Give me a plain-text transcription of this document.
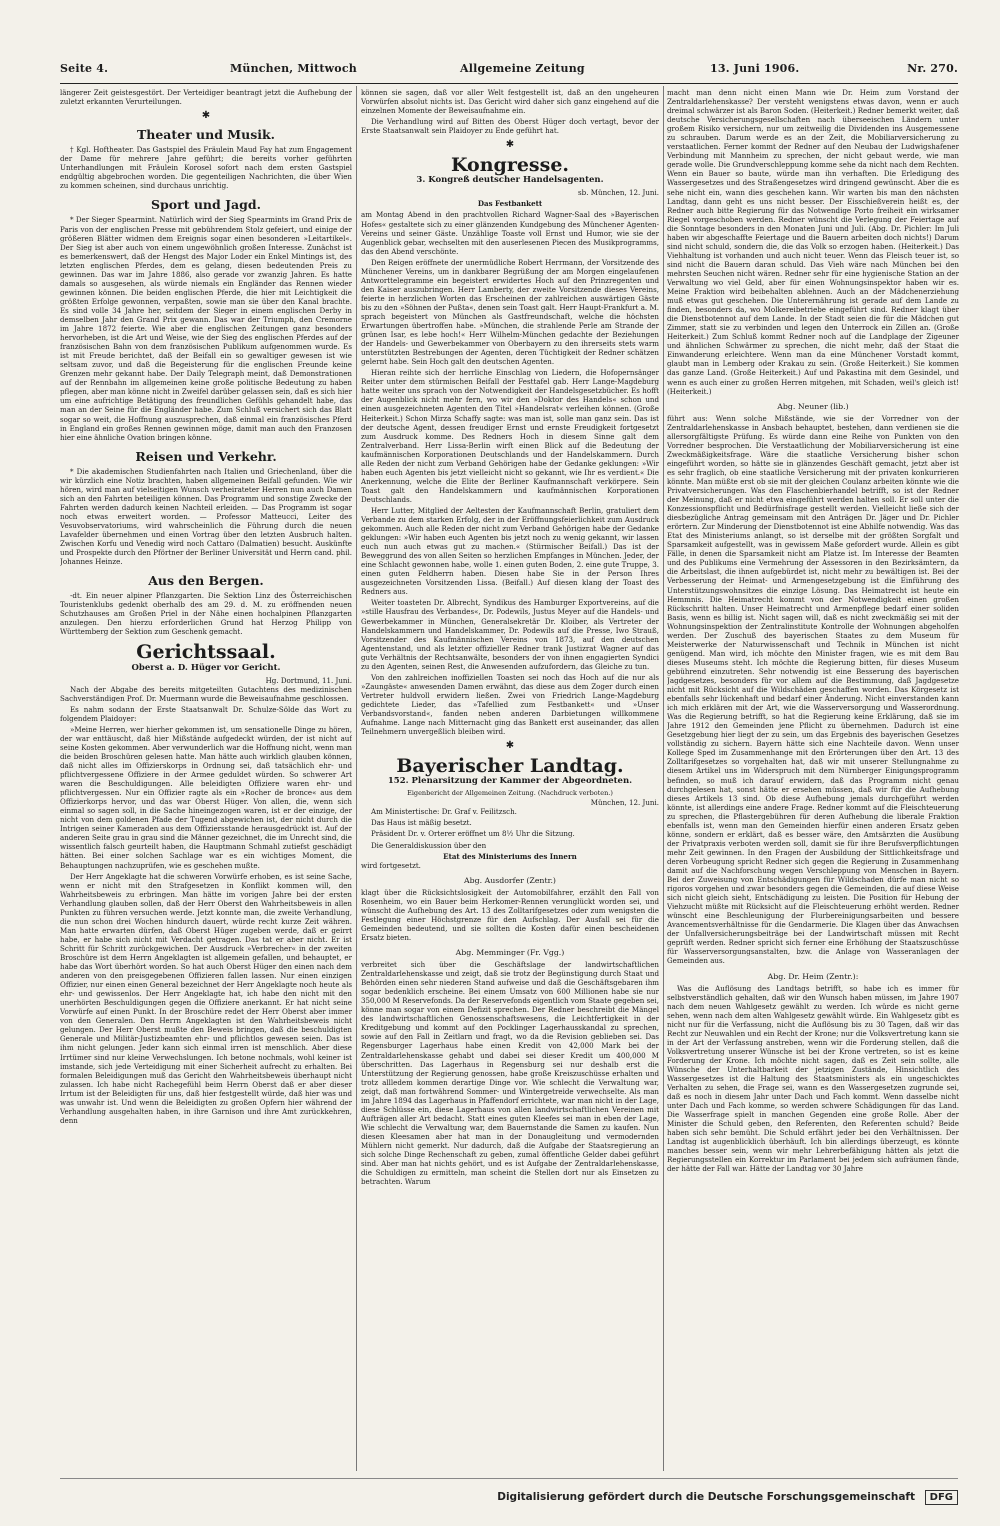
Seite 4.	München, Mittwoch	Allgemeine Zeitung	13. Juni 1906.	Nr. 270.

längerer Zeit geistesgestört. Der Verteidiger beantragt jetzt die Aufhebung der zuletzt erkannten Verurteilungen.

✱
Theater und Musik.

† Kgl. Hoftheater. Das Gastspiel des Fräulein Maud Fay hat zum Engagement der Dame für mehrere Jahre geführt; die bereits vorher geführten Unterhandlungen mit Fräulein Korosel sofort nach dem ersten Gastspiel endgültig abgebrochen worden. Die gegenteiligen Nachrichten, die über Wien zu kommen scheinen, sind durchaus unrichtig.

Sport und Jagd.

* Der Sieger Spearmint. Natürlich wird der Sieg Spearmints im Grand Prix de Paris von der englischen Presse mit gebührendem Stolz gefeiert, und einige der größeren Blätter widmen dem Ereignis sogar einen besonderen »Leitartikel«. Der Sieg ist aber auch von einem ungewöhnlich großen Interesse. Zunächst ist es bemerkenswert, daß der Hengst des Major Loder ein Enkel Mintings ist, des letzten englischen Pferdes, dem es gelang, diesen bedeutenden Preis zu gewinnen. Das war im Jahre 1886, also gerade vor zwanzig Jahren. Es hatte damals so ausgesehen, als würde niemals ein Engländer das Rennen wieder gewinnen können. Die beiden englischen Pferde, die hier mit Leichtigkeit die größten Erfolge gewonnen, verpaßten, sowie man sie über den Kanal brachte. Es sind volle 34 Jahre her, seitdem der Sieger in einem englischen Derby in demselben Jahr den Grand Prix gewann. Das war der Triumph, den Cremorne im Jahre 1872 feierte. Wie aber die englischen Zeitungen ganz besonders hervorheben, ist die Art und Weise, wie der Sieg des englischen Pferdes auf der französischen Bahn von dem französischen Publikum aufgenommen wurde. Es ist mit Freude berichtet, daß der Beifall ein so gewaltiger gewesen ist wie seltsam zuvor, und daß die Begeisterung für die englischen Freunde keine Grenzen mehr gekannt habe. Der Daily Telegraph meint, daß Demonstrationen auf der Rennbahn im allgemeinen keine große politische Bedeutung zu haben pflegen, aber man könne nicht in Zweifel darüber gelassen sein, daß es sich hier um eine aufrichtige Betätigung des freundlichen Gefühls gehandelt habe, das man an der Seine für die Engländer habe. Zum Schluß versichert sich das Blatt sogar so weit, die Hoffnung auszusprechen, daß einmal ein französisches Pferd in England ein großes Rennen gewinnen möge, damit man auch den Franzosen hier eine ähnliche Ovation bringen könne.

Reisen und Verkehr.

* Die akademischen Studienfahrten nach Italien und Griechenland, über die wir kürzlich eine Notiz brachten, haben allgemeinen Beifall gefunden. Wie wir hören, wird man auf vielseitigen Wunsch verheirateter Herren nun auch Damen sich an den Fahrten beteiligen können. Das Programm und sonstige Zwecke der Fahrten werden dadurch keinen Nachteil erleiden. — Das Programm ist sogar noch etwas erweitert worden. — Professor Matteucci, Leiter des Vesuvobservatoriums, wird wahrscheinlich die Führung durch die neuen Lavafelder übernehmen und einen Vortrag über den letzten Ausbruch halten. Zwischen Korfu und Venedig wird noch Cattaro (Dalmatien) besucht. Auskünfte und Prospekte durch den Pförtner der Berliner Universität und Herrn cand. phil. Johannes Heinze.

Aus den Bergen.

-dt. Ein neuer alpiner Pflanzgarten. Die Sektion Linz des Österreichischen Touristenklubs gedenkt oberhalb des am 29. d. M. zu eröffnenden neuen Schutzhauses am Großen Priel in der Nähe einen hochalpinen Pflanzgarten anzulegen. Den hierzu erforderlichen Grund hat Herzog Philipp von Württemberg der Sektion zum Geschenk gemacht.

Gerichtssaal.
Oberst a. D. Hüger vor Gericht.
Hg. Dortmund, 11. Juni.

Nach der Abgabe des bereits mitgeteilten Gutachtens des medizinischen Sachverständigen Prof. Dr. Muermann wurde die Beweisaufnahme geschlossen.

Es nahm sodann der Erste Staatsanwalt Dr. Schulze-Sölde das Wort zu folgendem Plaidoyer:

»Meine Herren, wer hierher gekommen ist, um sensationelle Dinge zu hören, der war enttäuscht, daß hier Mißstände aufgedeckt würden, der ist nicht auf seine Kosten gekommen. Aber verwunderlich war die Hoffnung nicht, wenn man die beiden Broschüren gelesen hatte. Man hätte auch wirklich glauben können, daß nicht alles im Offizierskorps in Ordnung sei, daß tatsächlich ehr- und pflichtvergessene Offiziere in der Armee geduldet würden. So schwerer Art waren die Beschuldigungen. Alle beleidigten Offiziere waren ehr- und pflichtvergessen. Nur ein Offizier ragte als ein »Rocher de bronce« aus dem Offizierkorps hervor, und das war Oberst Hüger. Von allen, die, wenn sich einmal so sagen soll, in die Sache hineingezogen waren, ist er der einzige, der nicht von dem goldenen Pfade der Tugend abgewichen ist, der nicht durch die Intrigen seiner Kameraden aus dem Offiziersstande herausgedrückt ist. Auf der anderen Seite grau in grau sind die Männer gezeichnet, die im Unrecht sind, die wissentlich falsch geurteilt haben, die Hauptmann Schmahl zutiefst geschädigt hätten. Bei einer solchen Sachlage war es ein wichtiges Moment, die Behauptungen nachzuprüfen, wie es geschehen mußte.

Der Herr Angeklagte hat die schweren Vorwürfe erhoben, es ist seine Sache, wenn er nicht mit den Strafgesetzen in Konflikt kommen will, den Wahrheitsbeweis zu erbringen. Man hätte im vorigen Jahre bei der ersten Verhandlung glauben sollen, daß der Herr Oberst den Wahrheitsbeweis in allen Punkten zu führen versuchen werde. Jetzt konnte man, die zweite Verhandlung, die nun schon drei Wochen hindurch dauert, würde recht kurze Zeit währen. Man hatte erwarten dürfen, daß Oberst Hüger zugeben werde, daß er geirrt habe, er habe sich nicht mit Verdacht getragen. Das tat er aber nicht. Er ist Schritt für Schritt zurückgewichen. Der Ausdruck »Verbrecher« in der zweiten Broschüre ist dem Herrn Angeklagten ist allgemein gefallen, und behauptet, er habe das Wort überhört worden. So hat auch Oberst Hüger den einen nach dem anderen von den preisgegebenen Offizieren fallen lassen. Nur einen einzigen Offizier, nur einen einen General bezeichnet der Herr Angeklagte noch heute als ehr- und gewissenlos. Der Herr Angeklagte hat, ich habe den nicht mit den unerhörten Beschuldigungen gegen die Offiziere anerkannt. Er hat nicht seine Vorwürfe auf einen Punkt. In der Broschüre redet der Herr Oberst aber immer von den Generalen. Den Herrn Angeklagten ist den Wahrheitsbeweis nicht gelungen. Der Herr Oberst mußte den Beweis bringen, daß die beschuldigten Generale und Militär-Justizbeamten ehr- und pflichtlos gewesen seien. Das ist ihm nicht gelungen. Jeder kann sich einmal irren ist menschlich. Aber diese Irrtümer sind nur kleine Verwechslungen. Ich betone nochmals, wohl keiner ist imstande, sich jede Verteidigung mit einer Sicherheit aufrecht zu erhalten. Bei formalen Beleidigungen muß das Gericht den Wahrheitsbeweis überhaupt nicht zulassen. Ich habe nicht Rachegefühl beim Herrn Oberst daß er aber dieser Irrtum ist der Beleidigten für uns, daß hier festgestellt würde, daß hier was und was unwahr ist. Und wenn die Beleidigten zu großen Opfern hier während der Verhandlung ausgehalten haben, in ihre Garnison und ihre Amt zurückkehren, denn

können sie sagen, daß vor aller Welt festgestellt ist, daß an den ungeheuren Vorwürfen absolut nichts ist. Das Gericht wird daher sich ganz eingehend auf die einzelnen Momente der Beweisaufnahme ein.

Die Verhandlung wird auf Bitten des Oberst Hüger doch vertagt, bevor der Erste Staatsanwalt sein Plaidoyer zu Ende geführt hat.

✱
Kongresse.
3. Kongreß deutscher Handelsagenten.
sb. München, 12. Juni.
Das Festbankett

am Montag Abend in den prachtvollen Richard Wagner-Saal des »Bayerischen Hofes« gestaltete sich zu einer glänzenden Kundgebung des Münchener Agenten-Vereins und seiner Gäste. Unzählige Toaste voll Ernst und Humor, wie sie der Augenblick gebar, wechselten mit den auserlesenen Piecen des Musikprogramms, das den Abend verschönte.

Den Reigen eröffnete der unermüdliche Robert Herrmann, der Vorsitzende des Münchener Vereins, um in dankbarer Begrüßung der am Morgen eingelaufenen Antworttelegramme ein begeistert erwidertes Hoch auf den Prinzregenten und den Kaiser auszubringen. Herr Lamberty, der zweite Vorsitzende dieses Vereins, feierte in herzlichen Worten das Erscheinen der zahlreichen auswärtigen Gäste bis zu den »Söhnen der Pußta«, denen sein Toast galt. Herr Haupt-Frankfurt a. M. sprach begeistert von München als Gastfreundschaft, welche die höchsten Erwartungen übertroffen habe. »München, die strahlende Perle am Strande der grünen Isar, es lebe hoch!« Herr Wilhelm-München gedachte der Beziehungen der Handels- und Gewerbekammer von Oberbayern zu den ihrerseits stets warm unterstützten Bestrebungen der Agenten, deren Tüchtigkeit der Redner schätzen gelernt habe. Sein Hoch galt den deutschen Agenten.

Hieran reihte sich der herrliche Einschlag von Liedern, die Hofopernsänger Reiter unter dem stürmischen Beifall der Festtafel gab. Herr Lange-Magdeburg hatte weiter uns sprach von der Notwendigkeit der Handelsgesetzbücher. Es hofft der Augenblick nicht mehr fern, wo wir den »Doktor des Handels« schon und einen ausgezeichneten Agenten den Titel »Handelsrat« verleihen können. (Große Heiterkeit.) Schon Mirza Schaffy sagte: was man ist, solle man ganz sein. Das ist der deutsche Agent, dessen freudiger Ernst und ernste Freudigkeit fortgesetzt zum Ausdruck komme. Des Redners Hoch in diesem Sinne galt dem Zentralverband. Herr Lissa-Berlin wirft einen Blick auf die Bedeutung der kaufmännischen Korporationen Deutschlands und der Handelskammern. Durch alle Reden der nicht zum Verband Gehörigen habe der Gedanke geklungen: »Wir haben euch Agenten bis jetzt vielleicht nicht so gekannt, wie Ihr es verdient.« Die Anerkennung, welche die Elite der Berliner Kaufmannschaft verkörpere. Sein Toast galt den Handelskammern und kaufmännischen Korporationen Deutschlands.

Herr Lutter, Mitglied der Aeltesten der Kaufmannschaft Berlin, gratuliert dem Verbande zu dem starken Erfolg, der in der Eröffnungsfeierlichkeit zum Ausdruck gekommen. Auch alle Reden der nicht zum Verband Gehörigen habe der Gedanke geklungen: »Wir haben euch Agenten bis jetzt noch zu wenig gekannt, wir lassen euch nun auch etwas gut zu machen.« (Stürmischer Beifall.) Das ist der Beweggrund des von allen Seiten so herzlichen Empfanges in München. Jeder, der eine Schlacht gewonnen habe, wolle 1. einen guten Boden, 2. eine gute Truppe, 3. einen guten Feldherrn haben. Diesen habe Sie in der Person Ihres ausgezeichneten Vorsitzenden Lissa. (Beifall.) Auf diesen klang der Toast des Redners aus.

Weiter toasteten Dr. Albrecht, Syndikus des Hamburger Exportvereins, auf die »stille Hausfrau des Verbandes«, Dr. Podewils, Justus Meyer auf die Handels- und Gewerbekammer in München, Generalsekretär Dr. Kloiber, als Vertreter der Handelskammern und Handelskammer, Dr. Podewils auf die Presse, Iwo Strauß, Vorsitzender des Kaufmännischen Vereins von 1873, auf den deutschen Agentenstand, und als letzter offizieller Redner trank Justizrat Wagner auf das gute Verhältnis der Rechtsanwälte, besonders der von ihnen engagierten Syndici zu den Agenten, seinen Rest, die Anwesenden aufzufordern, das Gleiche zu tun.

Von den zahlreichen inoffiziellen Toasten sei noch das Hoch auf die nur als »Zaungäste« anwesenden Damen erwähnt, das diese aus dem Zoger durch einen Vertreter huldvoll erwidern ließen. Zwei von Friedrich Lange-Magdeburg gedichtete Lieder, das »Tafellied zum Festbankett« und »Unser Verbandsvorstand«, fanden neben anderen Darbietungen willkommene Aufnahme. Lange nach Mitternacht ging das Bankett erst auseinander, das allen Teilnehmern unvergeßlich bleiben wird.

✱
Bayerischer Landtag.
152. Plenarsitzung der Kammer der Abgeordneten.
Eigenbericht der Allgemeinen Zeitung. (Nachdruck verboten.)
München, 12. Juni.

Am Ministertische: Dr. Graf v. Feilitzsch.

Das Haus ist mäßig besetzt.

Präsident Dr. v. Orterer eröffnet um 8½ Uhr die Sitzung.

Die Generaldiskussion über den

Etat des Ministeriums des Innern

wird fortgesetzt.

Abg. Ausdorfer (Zentr.)

klagt über die Rücksichtslosigkeit der Automobilfahrer, erzählt den Fall von Rosenheim, wo ein Bauer beim Herkomer-Rennen verunglückt worden sei, und wünscht die Aufhebung des Art. 13 des Zolltarifgesetzes oder zum wenigsten die Festlegung einer Höchstgrenze für den Aufschlag. Der Ausfall sei für die Gemeinden bedeutend, und sie sollten die Kosten dafür einen bescheidenen Ersatz bieten.

Abg. Memminger (Fr. Vgg.)

verbreitet sich über die Geschäftslage der landwirtschaftlichen Zentraldarlehenskasse und zeigt, daß sie trotz der Begünstigung durch Staat und Behörden einen sehr niederen Stand aufweise und daß die Geschäftsgebaren ihm sogar bedenklich erscheine. Bei einem Umsatz von 600 Millionen habe sie nur 350,000 M Reservefonds. Da der Reservefonds eigentlich vom Staate gegeben sei, könne man sogar von einem Defizit sprechen. Der Redner beschreibt die Mängel des landwirtschaftlichen Genossenschaftswesens, die Leichtfertigkeit in der Kreditgebung und kommt auf den Pocklinger Lagerhausskandal zu sprechen, sowie auf den Fall in Zeitlarn und fragt, wo da die Revision geblieben sei. Das Regensburger Lagerhaus habe einen Kredit von 42,000 Mark bei der Zentraldarlehenskasse gehabt und dabei sei dieser Kredit um 400,000 M überschritten. Das Lagerhaus in Regensburg sei nur deshalb erst die Unterstützung der Regierung genossen, habe große Kreiszuschüsse erhalten und trotz allledem kommen derartige Dinge vor. Wie schlecht die Verwaltung war, zeigt, daß man fortwährend Sommer- und Wintergetreide verwechselte. Als man im Jahre 1894 das Lagerhaus in Pfaffendorf errichtete, war man nicht in der Lage, diese Schlüsse ein, diese Lagerhaus von allen landwirtschaftlichen Vereinen mit Aufträgen aller Art bedacht. Statt eines guten Kleefes sei man in eben der Lage, Wie schlecht die Verwaltung war, dem Bauernstande die Samen zu kaufen. Nun diesen Kleesamen aber hat man in der Donaugleitung und vermodernden Mühlern nicht gemerkt. Nur dadurch, daß die Aufgabe der Staatsregierung an sich solche Dinge Rechenschaft zu geben, zumal öffentliche Gelder dabei geführt sind. Aber man hat nichts gehört, und es ist Aufgabe der Zentraldarlehenskasse, die Schuldigen zu ermitteln, man scheint die Stellen dort nur als Einsetzen zu betrachten. Warum

macht man denn nicht einen Mann wie Dr. Heim zum Vorstand der Zentraldarlehenskasse? Der versteht wenigstens etwas davon, wenn er auch dreimal schwärzer ist als Baron Soden. (Heiterkeit.) Redner bemerkt weiter, daß deutsche Versicherungsgesellschaften nach überseeischen Ländern unter großem Risiko versichern, nur um zeitweilig die Dividenden ins Ausgemessene zu schrauben. Darum werde es an der Zeit, die Mobiliarversicherung zu verstaatlichen. Ferner kommt der Redner auf den Neubau der Ludwigshafener Verbindung mit Mannheim zu sprechen, der nicht gebaut werde, wie man gerade wolle. Die Grundverschleppung komme sehe da nicht nach dem Rechten. Wenn ein Bauer so baute, würde man ihn verhaften. Die Erledigung des Wassergesetzes und des Straßengesetzes wird dringend gewünscht. Aber die es sehe nicht ein, wann dies geschehen kann. Wir warten bis man den nächsten Landtag, dann geht es uns nicht besser. Der Eisschießverein heißt es, der Redner auch bitte Regierung für das Notwendige Porto freiheit ein wirksamer Riegel vorgeschoben werden. Redner wünscht die Verlegung der Feiertage auf die Sonntage besonders in den Monaten Juni und Juli. (Abg. Dr. Pichler: Im Juli haben wir abgeschaffte Feiertage und die Bauern arbeiten doch nichts!) Darum sind nicht schuld, sondern die, die das Volk so erzogen haben. (Heiterkeit.) Das Viehhaltung ist vorhanden und auch nicht teuer. Wenn das Fleisch teuer ist, so sind nicht die Bauern daran schuld. Das Vieh wäre nach München bei den mehrsten Seuchen nicht wären. Redner sehr für eine hygienische Station an der Verwaltung wo viel Geld, aber für einen Wohnungsinspektor haben wir es. Meine Fraktion wird beibehalten ablehnen. Auch an der Mädchenerziehung muß etwas gut geschehen. Die Unterernährung ist gerade auf dem Lande zu finden, besonders da, wo Molkereibetriebe eingeführt sind. Redner klagt über die Dienstbotennot auf dem Lande. In der Stadt seien die für die Mädchen gut Zimmer, statt sie zu verbinden und legen den Unterrock ein Zillen an. (Große Heiterkeit.) Zum Schluß kommt Redner noch auf die Landplage der Zigeuner und ähnlichen Schwärmer zu sprechen, die nicht mehr, daß der Staat die Einwanderung erleichtere. Wenn man da eine Münchener Vorstadt kommt, glaubt man in Lemberg oder Krakau zu sein. (Große Heiterkeit.) Sie kommen das ganze Land. (Große Heiterkeit.) Auf und Pakastina mit dem Gesindel, und wenn es auch einer zu großen Herren mitgehen, mit Schaden, weil's gleich ist! (Heiterkeit.)

Abg. Neuner (lib.)

führt aus: Wenn solche Mißstände, wie sie der Vorredner von der Zentraldarlehenskasse in Ansbach behauptet, bestehen, dann verdienen sie die allersorgfältigste Prüfung. Es würde dann eine Reihe von Punkten von den Vorredner besprochen. Die Verstaatlichung der Mobiliarversicherung ist eine Zweckmäßigkeitsfrage. Wäre die staatliche Versicherung bisher schon eingeführt worden, so hätte sie in glänzendes Geschäft gemacht, jetzt aber ist es sehr fraglich, ob eine staatliche Versicherung mit der privaten konkurrieren könnte. Man müßte erst ob sie mit der gleichen Coulanz arbeiten könnte wie die Privatversicherungen. Was den Flaschenbierhandel betrifft, so ist der Redner der Meinung, daß er nicht etwa eingeführt werden halten soll. Er soll unter die Konzessionspflicht und Bedürfnisfrage gestellt werden. Vielleicht ließe sich der diesbezügliche Antrag gemeinsam mit den Anträgen Dr. Jäger und Dr. Pichler erörtern. Zur Minderung der Dienstbotennot ist eine Abhilfe notwendig. Was das Etat des Ministeriums anlangt, so ist derselbe mit der größten Sorgfalt und Sparsamkeit aufgestellt, was in gewissem Maße gefordert wurde. Allein es gibt Fälle, in denen die Sparsamkeit nicht am Platze ist. Im Interesse der Beamten und des Publikums eine Vermehrung der Assessoren in den Bezirksämtern, da die Arbeitslast, die ihnen aufgebürdet ist, nicht mehr zu bewältigen ist. Bei der Verbesserung der Heimat- und Armengesetzgebung ist die Einführung des Unterstützungswohnsitzes die einzige Lösung. Das Heimatrecht ist heute ein Hemmnis. Die Heimatrecht kommt von der Notwendigkeit einen großen Rückschritt halten. Unser Heimatrecht und Armenpflege bedarf einer soliden Basis, wenn es billig ist. Nicht sagen will, daß es nicht zweckmäßig sei mit der Wohnungsinspektion der Zentralinstitute Kontrolle der Wohnungen abgeholfen werden. Der Zuschuß des bayerischen Staates zu dem Museum für Meisterwerke der Naturwissenschaft und Technik in München ist nicht genügend. Man wird, ich möchte den Minister fragen, wie es mit dem Bau dieses Museums steht. Ich möchte die Regierung bitten, für dieses Museum gebührend einzutreten. Sehr notwendig ist eine Besserung des bayerischen Jagdgesetzes, besonders für vor allem auf die Bestimmung, daß Jagdgesetze nicht mit Rücksicht auf die Wildschäden geschaffen worden. Das Körgesetz ist ebenfalls sehr lückenhaft und bedarf einer Änderung. Nicht einverstanden kann ich mich erklären mit der Art, wie die Wasserversorgung und Wasserordnung. Was die Regierung betrifft, so hat die Regierung keine Erklärung, daß sie im Jahre 1912 den Gemeinden jene Pflicht zu übernehmen. Dadurch ist eine Gesetzgebung hier liegt der zu sein, um das Ergebnis des bayerischen Gesetzes vollständig zu sichern. Bayern hätte sich eine Nachteile davon. Wenn unser Kollege Sped im Zusammenhange mit den Erörterungen über den Art. 13 des Zolltarifgesetzes so vorgehalten hat, daß wir mit unserer Stellungnahme zu diesem Artikel uns im Widerspruch mit dem Nürnberger Einigungsprogramm befinden, so muß ich darauf erwidern, daß das Programm nicht genau durchgelesen hat, sonst hätte er ersehen müssen, daß wir für die Aufhebung dieses Artikels 13 sind. Ob diese Aufhebung jemals durchgeführt werden könnte, ist allerdings eine andere Frage. Redner kommt auf die Fleischteuerung zu sprechen, die Pflastergebühren für deren Aufhebung die liberale Fraktion ebenfalls ist, wenn man den Gemeinden hierfür einen anderen Ersatz geben könne, sondern er erklärt, daß es besser wäre, den Amtsärzten die Ausübung der Privatpraxis verboten werden soll, damit sie für ihre Berufsverpflichtungen mehr Zeit gewinnen. In den Fragen der Ausbildung der Sittlichkeitsfrage und deren Vorbeugung spricht Redner sich gegen die Regierung in Zusammenhang damit auf die Nachforschung wegen Verschleppung von Menschen in Bayern. Bei der Zuweisung von Entschädigungen für Wildschaden dürfe man nicht so rigoros vorgehen und zwar besonders gegen die Gemeinden, die auf diese Weise sich nicht gleich sieht, Entschädigung zu leisten. Die Position für Hebung der Viehzucht müßte mit Rücksicht auf die Fleischteuerung erhöht werden. Redner wünscht eine Beschleunigung der Flurbereinigungsarbeiten und bessere Avancementsverhältnisse für die Gendarmerie. Die Klagen über das Anwachsen der Unfallversicherungsbeiträge bei der Landwirtschaft müssen mit Recht geprüft werden. Redner spricht sich ferner eine Erhöhung der Staatszuschüsse für Wasserversorgungsanstalten, bzw. die Anlage von Wasseranlagen der Gemeinden aus.

Abg. Dr. Heim (Zentr.):

Was die Auflösung des Landtags betrifft, so habe ich es immer für selbstverständlich gehalten, daß wir den Wunsch haben müssen, im Jahre 1907 nach dem neuen Wahlgesetz gewählt zu werden. Ich würde es nicht gerne sehen, wenn nach dem alten Wahlgesetz gewählt würde. Ein Wahlgesetz gibt es nicht nur für die Verfassung, nicht die Auflösung bis zu 30 Tagen, daß wir das Recht zur Neuwahlen und ein Recht der Krone; nur die Volksvertretung kann sie in der Art der Verfassung anstreben, wenn wir die Forderung stellen, daß die Volksvertretung unserer Wünsche ist bei der Krone vertreten, so ist es keine Forderung der Krone. Ich möchte nicht sagen, daß es Zeit sein sollte, alle Wünsche der Unterhaltbarkeit der jetzigen Zustände, Hinsichtlich des Wassergesetzes ist die Haltung des Staatsministers als ein ungeschicktes Verhalten zu sehen, die Frage sei, wann es den Wassergesetzen zugrunde sei, daß es noch in diesem Jahr unter Dach und Fach kommt. Wenn dasselbe nicht unter Dach und Fach komme, so werden schwere Schädigungen für das Land. Die Wasserfrage spielt in manchen Gegenden eine große Rolle. Aber der Minister die Schuld geben, den Referenten, den Referenten schuld? Beide haben sich sehr bemüht. Die Schuld erfährt jeder bei den Verhältnissen. Der Landtag ist augenblicklich überhäuft. Ich bin allerdings überzeugt, es könnte manches besser sein, wenn wir mehr Lehrerbefähigung hätten als jetzt die Regierungsstellen ein Korrektur im Parlament bei jedem sich aufräumen fände, der hätte der Fall war. Hätte der Landtag vor 30 Jahre

Digitalisierung gefördert durch die Deutsche Forschungsgemeinschaft DFG
